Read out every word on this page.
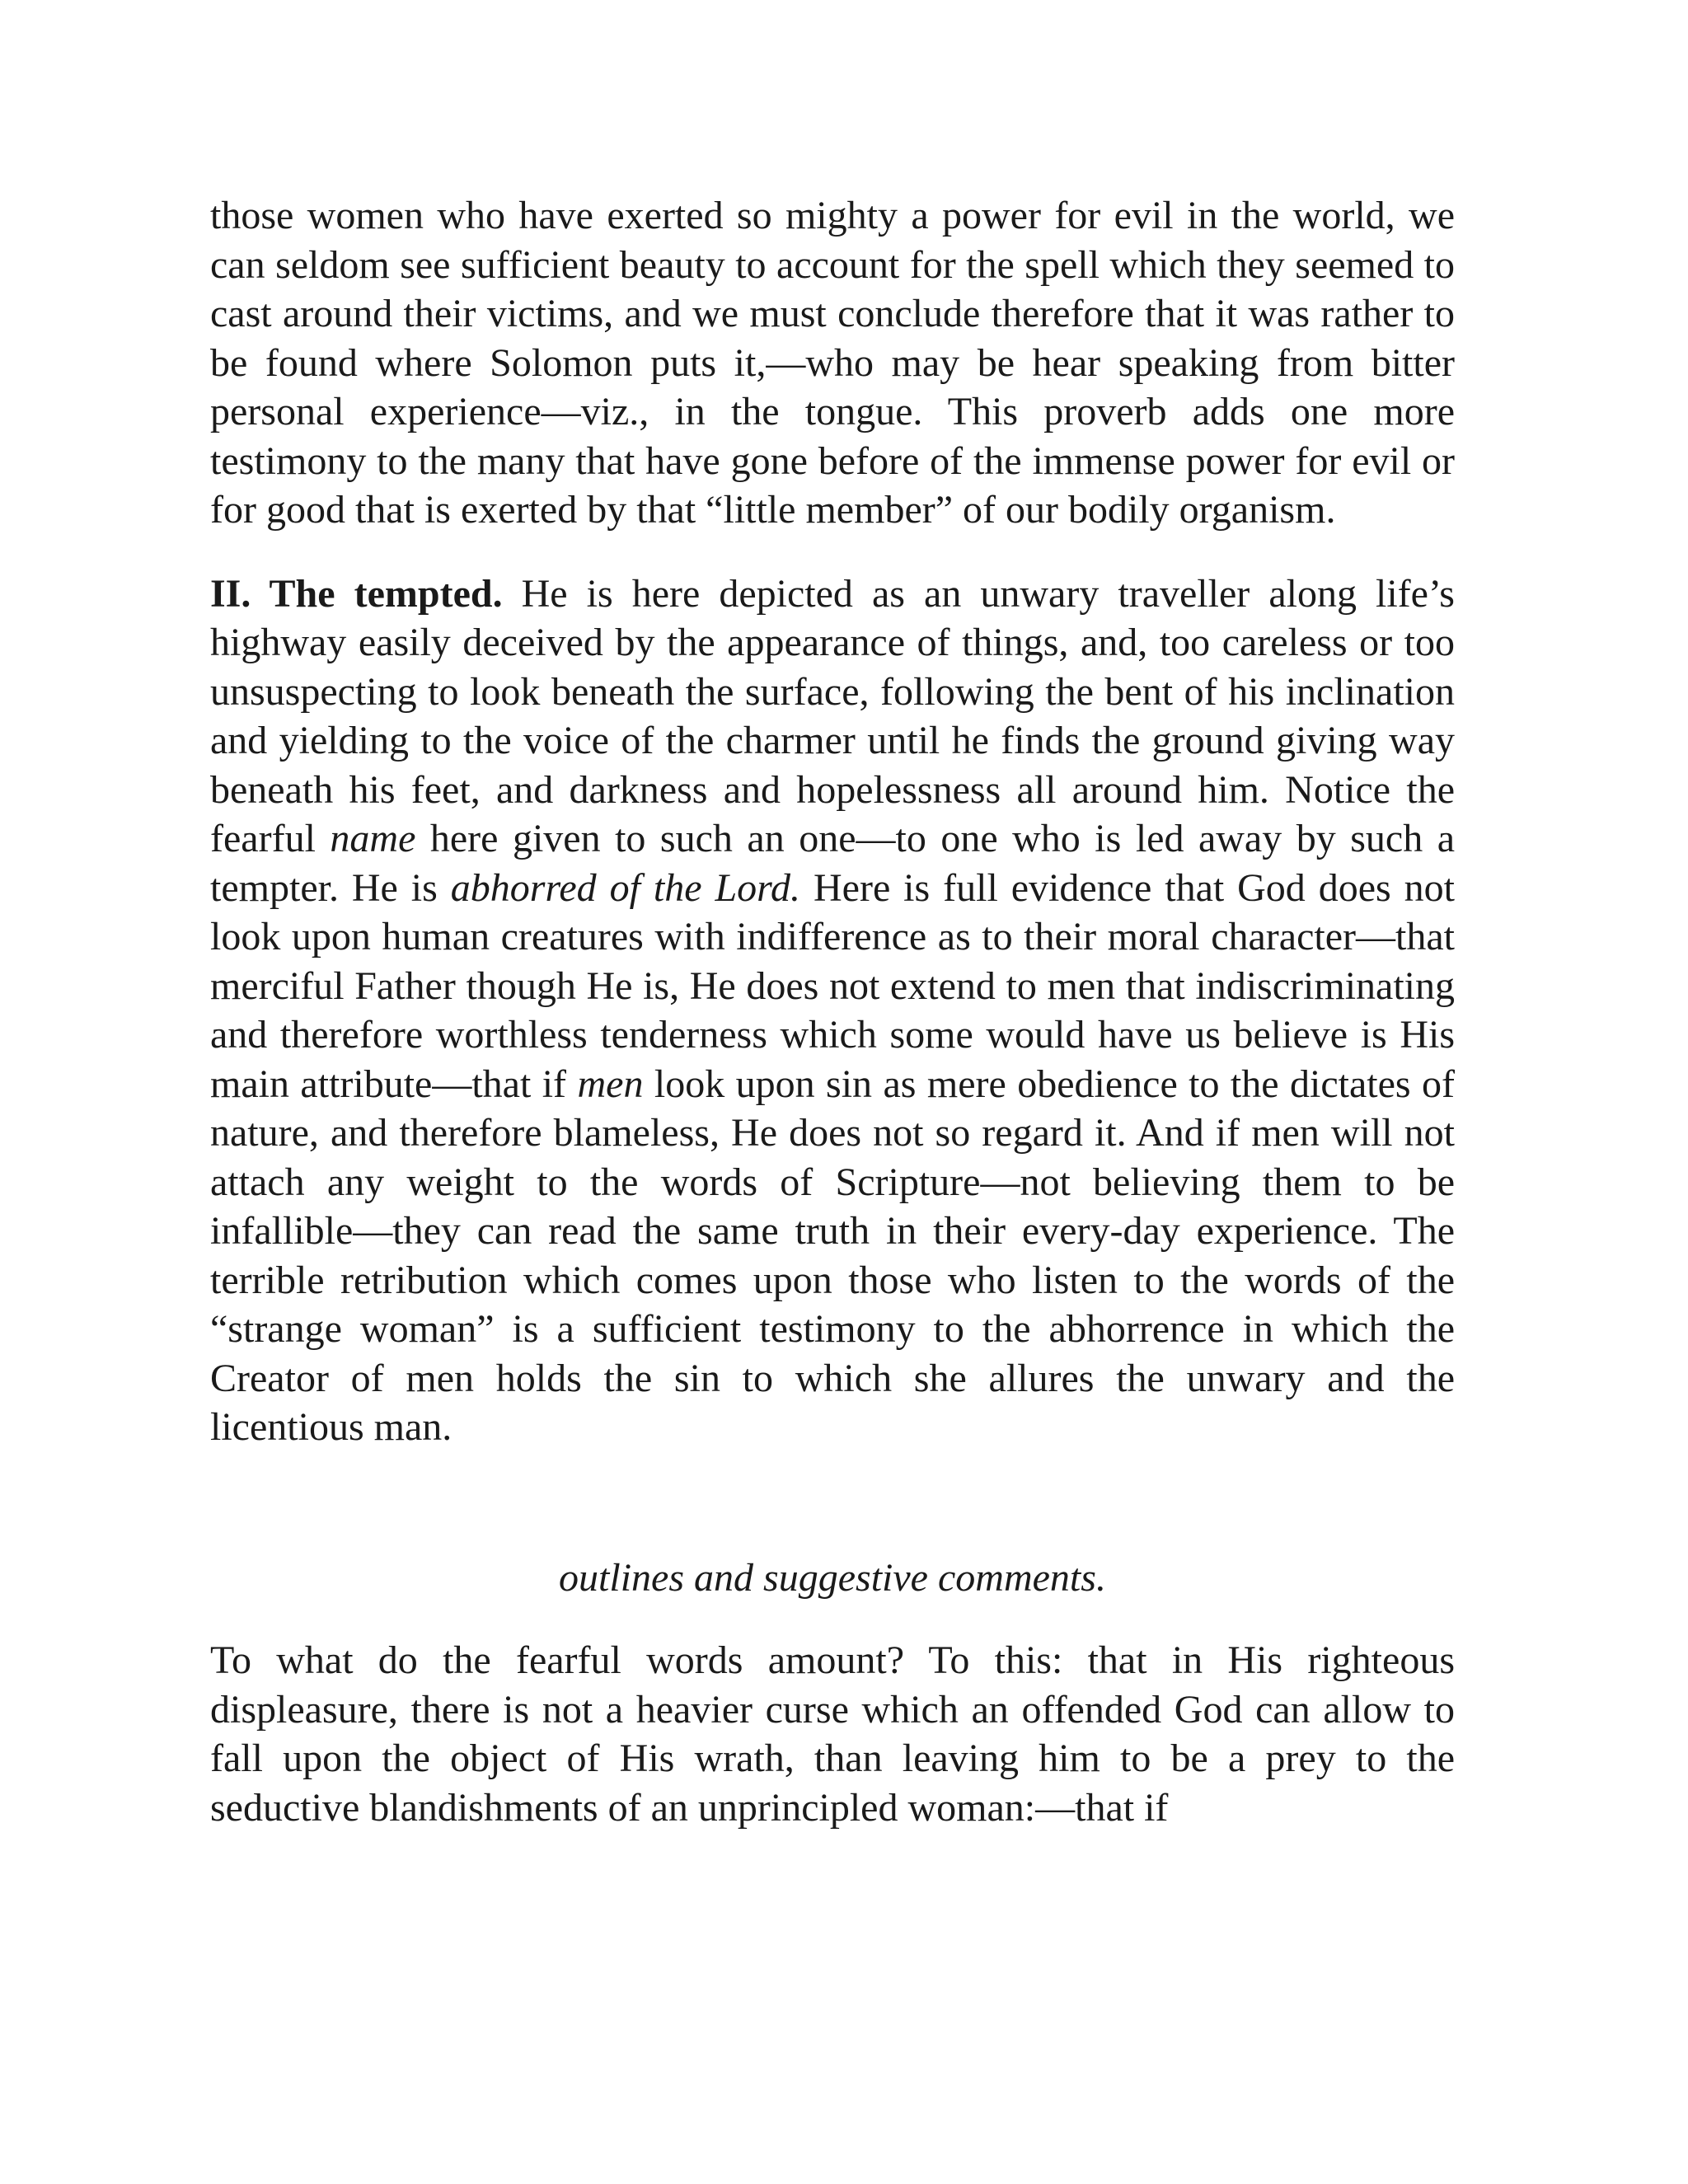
those women who have exerted so mighty a power for evil in the world, we can seldom see sufficient beauty to account for the spell which they seemed to cast around their victims, and we must conclude therefore that it was rather to be found where Solomon puts it,—who may be hear speaking from bitter personal experience—viz., in the tongue. This proverb adds one more testimony to the many that have gone before of the immense power for evil or for good that is exerted by that “little member” of our bodily organism.

II. The tempted. He is here depicted as an unwary traveller along life’s highway easily deceived by the appearance of things, and, too careless or too unsuspecting to look beneath the surface, following the bent of his inclination and yielding to the voice of the charmer until he finds the ground giving way beneath his feet, and darkness and hopelessness all around him. Notice the fearful name here given to such an one—to one who is led away by such a tempter. He is abhorred of the Lord. Here is full evidence that God does not look upon human creatures with indifference as to their moral character—that merciful Father though He is, He does not extend to men that indiscriminating and therefore worthless tenderness which some would have us believe is His main attribute—that if men look upon sin as mere obedience to the dictates of nature, and therefore blameless, He does not so regard it. And if men will not attach any weight to the words of Scripture—not believing them to be infallible—they can read the same truth in their every-day experience. The terrible retribution which comes upon those who listen to the words of the “strange woman” is a sufficient testimony to the abhorrence in which the Creator of men holds the sin to which she allures the unwary and the licentious man.

outlines and suggestive comments.

To what do the fearful words amount? To this: that in His righteous displeasure, there is not a heavier curse which an offended God can allow to fall upon the object of His wrath, than leaving him to be a prey to the seductive blandishments of an unprincipled woman:—that if
